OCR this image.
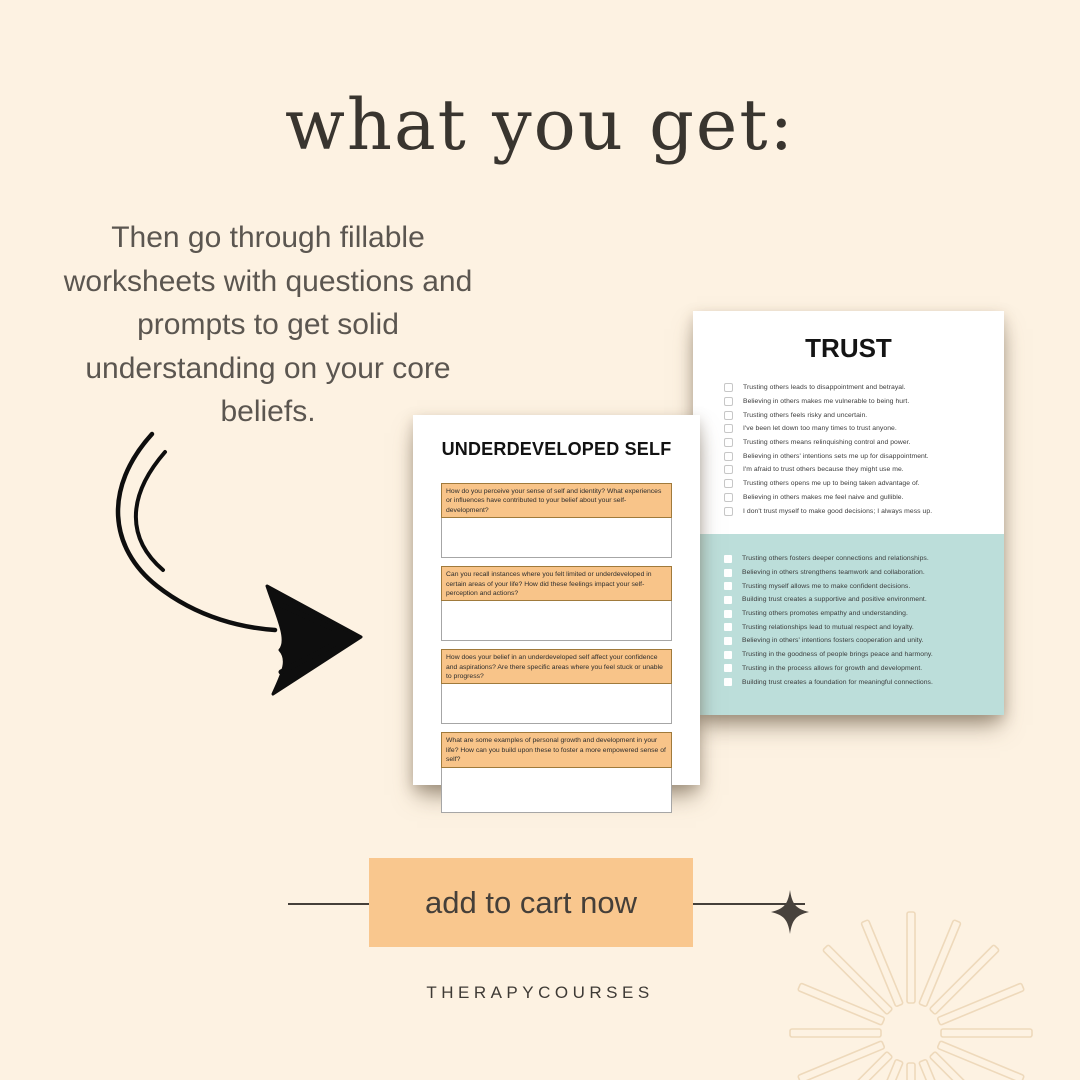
what you get:
Then go through fillable worksheets with questions and prompts to get solid understanding on your core beliefs.
TRUST
Trusting others leads to disappointment and betrayal.
Believing in others makes me vulnerable to being hurt.
Trusting others feels risky and uncertain.
I've been let down too many times to trust anyone.
Trusting others means relinquishing control and power.
Believing in others' intentions sets me up for disappointment.
I'm afraid to trust others because they might use me.
Trusting others opens me up to being taken advantage of.
Believing in others makes me feel naive and gullible.
I don't trust myself to make good decisions; I always mess up.
Trusting others fosters deeper connections and relationships.
Believing in others strengthens teamwork and collaboration.
Trusting myself allows me to make confident decisions.
Building trust creates a supportive and positive environment.
Trusting others promotes empathy and understanding.
Trusting relationships lead to mutual respect and loyalty.
Believing in others' intentions fosters cooperation and unity.
Trusting in the goodness of people brings peace and harmony.
Trusting in the process allows for growth and development.
Building trust creates a foundation for meaningful connections.
UNDERDEVELOPED SELF
How do you perceive your sense of self and identity? What experiences or influences have contributed to your belief about your self-development?
Can you recall instances where you felt limited or underdeveloped in certain areas of your life? How did these feelings impact your self-perception and actions?
How does your belief in an underdeveloped self affect your confidence and aspirations? Are there specific areas where you feel stuck or unable to progress?
What are some examples of personal growth and development in your life? How can you build upon these to foster a more empowered sense of self?
add to cart now
THERAPYCOURSES
